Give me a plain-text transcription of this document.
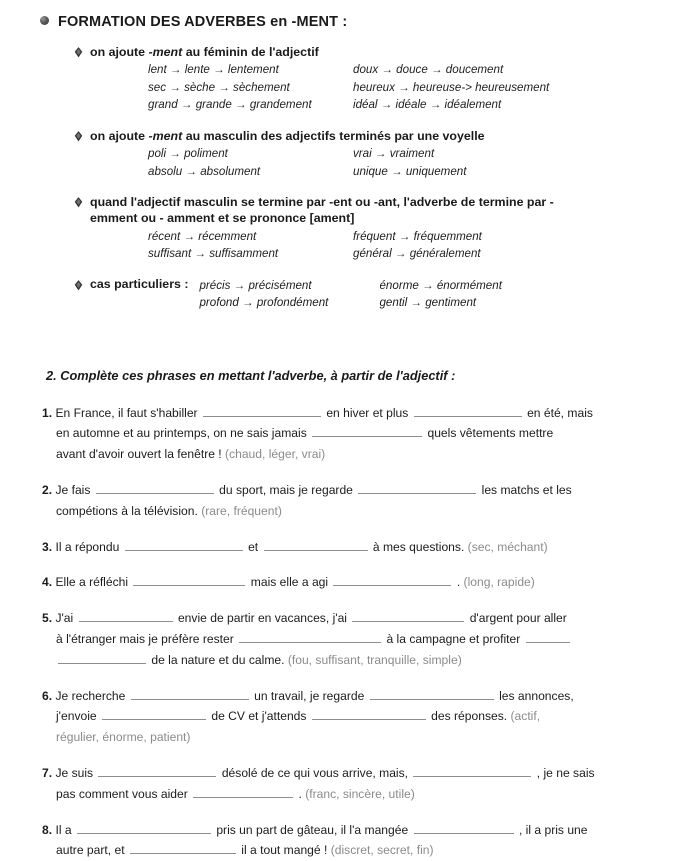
FORMATION DES ADVERBES en -MENT :
on ajoute -ment au féminin de l'adjectif
lent → lente → lentement	doux → douce → doucement
sec → sèche → sèchement	heureux → heureuse-> heureusement
grand → grande → grandement	idéal → idéale → idéalement
on ajoute -ment au masculin des adjectifs terminés par une voyelle
poli → poliment	vrai → vraiment
absolu → absolument	unique → uniquement
quand l'adjectif masculin se termine par -ent ou -ant, l'adverbe de termine par -emment ou - amment et se prononce [ament]
récent → récemment	fréquent → fréquemment
suffisant → suffisamment	général → généralement
cas particuliers : précis → précisément	énorme → énormément
profond → profondément	gentil → gentiment
2. Complète ces phrases en mettant l'adverbe, à partir de l'adjectif :
1. En France, il faut s'habiller	en hiver et plus	en été, mais
en automne et au printemps, on ne sais jamais	quels vêtements mettre
avant d'avoir ouvert la fenêtre ! (chaud, léger, vrai)
2. Je fais	du sport, mais je regarde	les matchs et les
compétions à la télévision. (rare, fréquent)
3. Il a répondu	et	à mes questions. (sec, méchant)
4. Elle a réfléchi	mais elle a agi	. (long, rapide)
5. J'ai	envie de partir en vacances, j'ai	d'argent pour aller
à l'étranger mais je préfère rester	à la campagne et profiter
de la nature et du calme. (fou, suffisant, tranquille, simple)
6. Je recherche	un travail, je regarde	les annonces,
j'envoie	de CV et j'attends	des réponses. (actif,
régulier, énorme, patient)
7. Je suis	désolé de ce qui vous arrive, mais,	, je ne sais
pas comment vous aider	. (franc, sincère, utile)
8. Il a	pris un part de gâteau, il l'a mangée	, il a pris une
autre part, et	il a tout mangé ! (discret, secret, fin)
